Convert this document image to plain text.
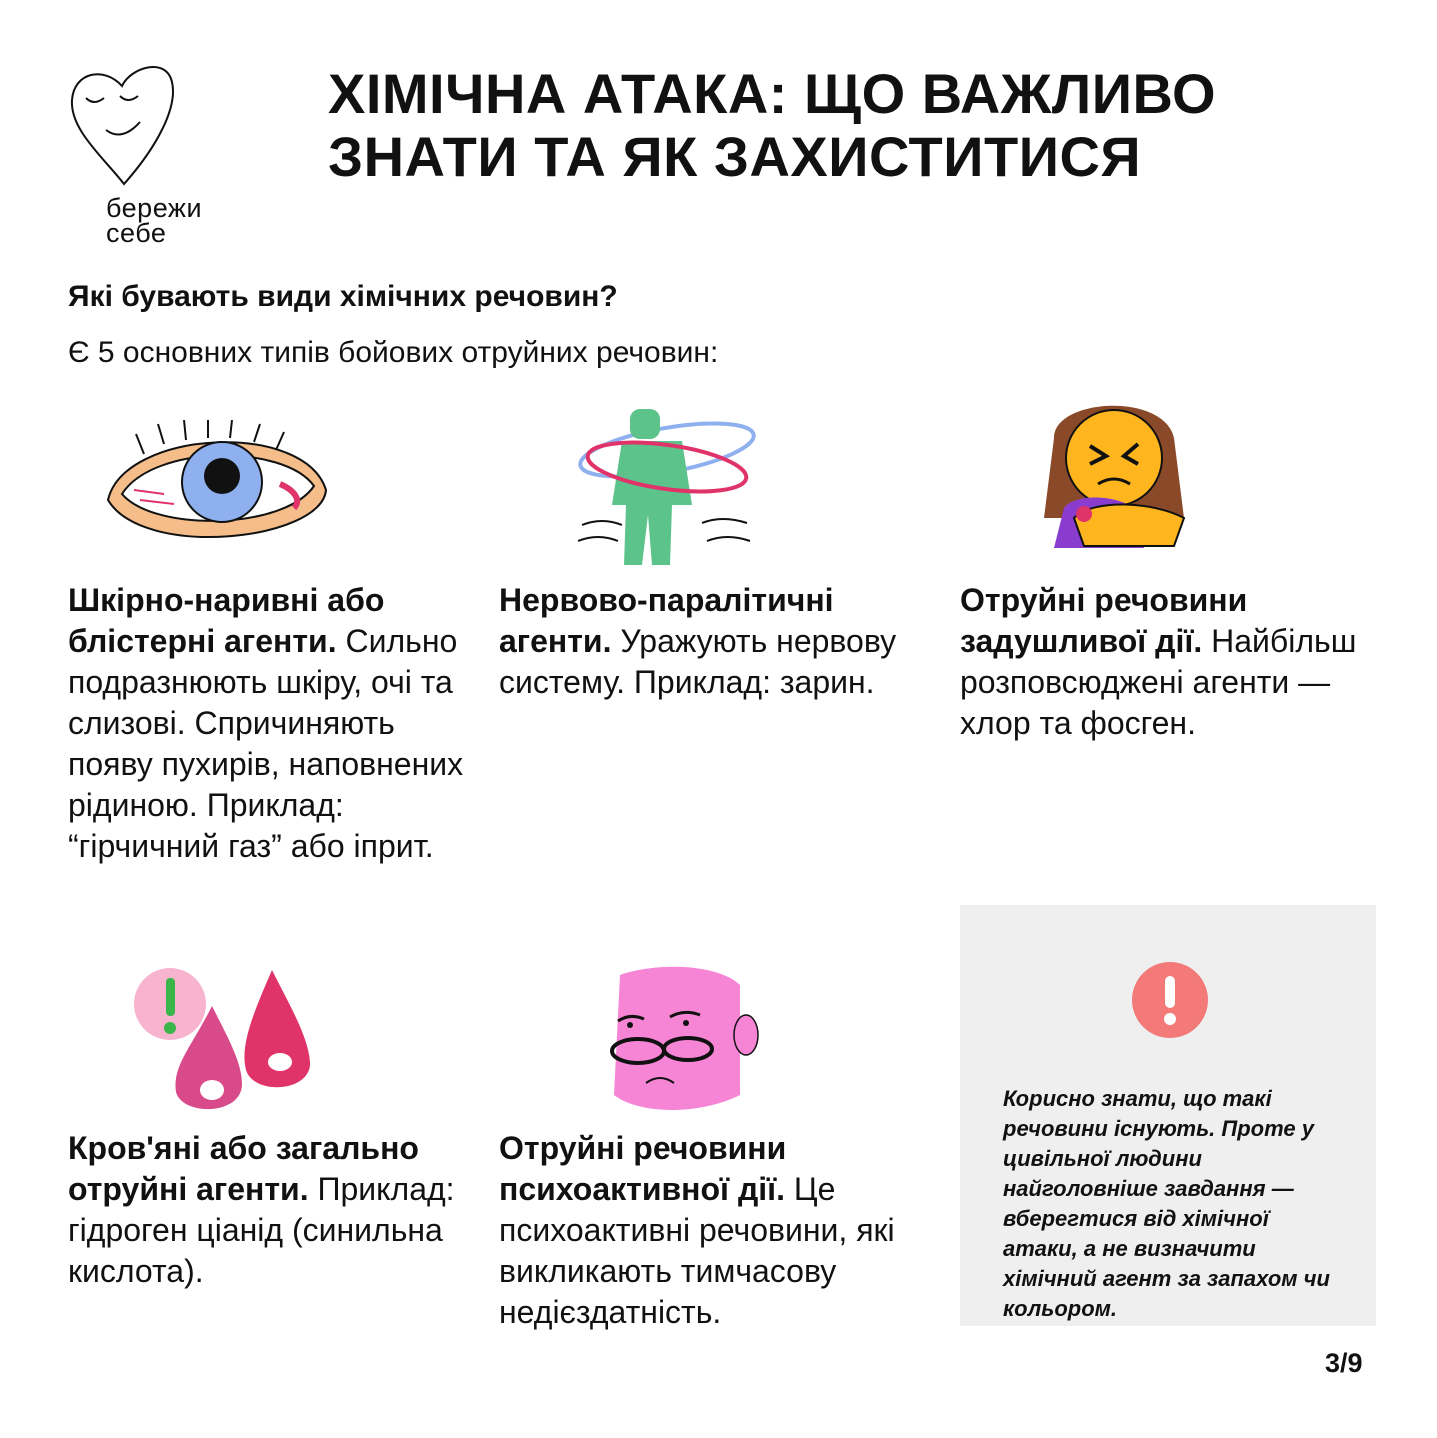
бережи
себе
ХІМІЧНА АТАКА: ЩО ВАЖЛИВО
ЗНАТИ ТА ЯК ЗАХИСТИТИСЯ
Які бувають види хімічних речовин?
Є 5 основних типів бойових отруйних речовин:
Шкірно-наривні або блістерні агенти. Сильно подразнюють шкіру, очі та слизові. Спричиняють появу пухирів, наповнених рідиною. Приклад: “гірчичний газ” або іприт.
Нервово-паралітичні агенти. Уражують нервову систему. Приклад: зарин.
Отруйні речовини задушливої дії. Найбільш розповсюджені агенти — хлор та фосген.
Кров'яні або загально отруйні агенти. Приклад: гідроген ціанід (синильна кислота).
Отруйні речовини психоактивної дії. Це психоактивні речовини, які викликають тимчасову недієздатність.
Корисно знати, що такі речовини існують. Проте у цивільної людини найголовніше завдання — вберегтися від хімічної атаки, а не визначити хімічний агент за запахом чи кольором.
3/9
